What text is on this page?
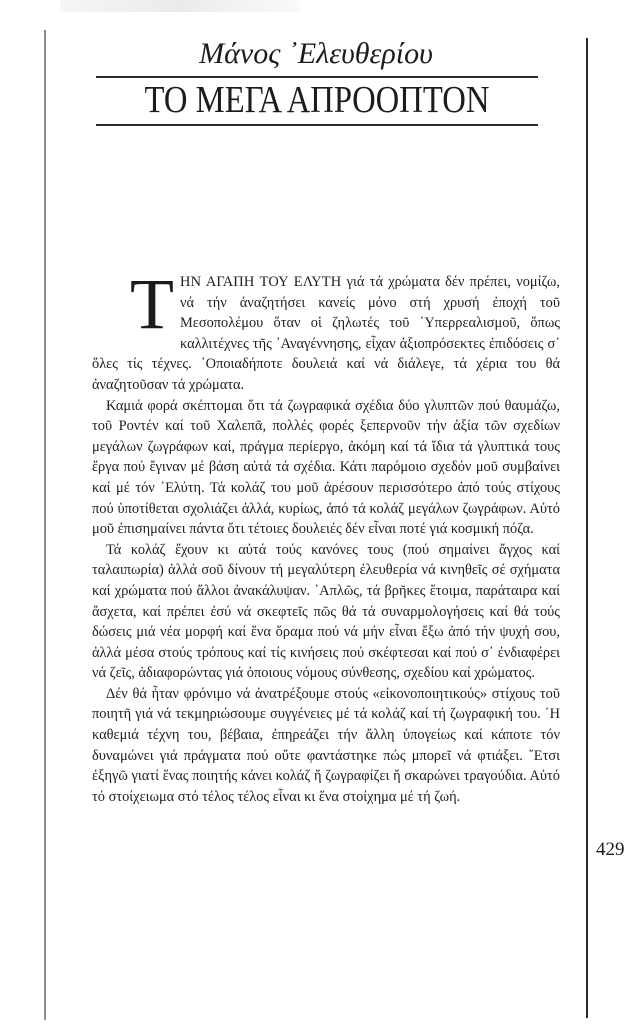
Μάνος ᾿Ελευθερίου
ΤΟ ΜΕΓΑ ΑΠΡΟΟΠΤΟΝ

ΤΗΝ ΑΓΑΠΗ ΤΟΥ ΕΛΥΤΗ γιά τά χρώματα δέν πρέπει, νομίζω, νά τήν ἀναζητήσει κανείς μόνο στή χρυσή ἐποχή τοῦ Μεσοπολέμου ὅταν οἱ ζηλωτές τοῦ ῾Υπερρεαλισμοῦ, ὅπως καλλιτέχνες τῆς ᾿Αναγέννησης, εἶχαν ἀξιοπρόσεκτες ἐπιδόσεις σ᾿ ὅλες τίς τέχνες. ῾Οποιαδήποτε δουλειά καί νά διάλεγε, τά χέρια του θά ἀναζητοῦσαν τά χρώματα.

Καμιά φορά σκέπτομαι ὅτι τά ζωγραφικά σχέδια δύο γλυπτῶν πού θαυμάζω, τοῦ Ροντέν καί τοῦ Χαλεπᾶ, πολλές φορές ξεπερνοῦν τήν ἀξία τῶν σχεδίων μεγάλων ζωγράφων καί, πράγμα περίεργο, ἀκόμη καί τά ἴδια τά γλυπτικά τους ἔργα πού ἔγιναν μέ βάση αὐτά τά σχέδια. Κάτι παρόμοιο σχεδόν μοῦ συμβαίνει καί μέ τόν ᾿Ελύτη. Τά κολάζ του μοῦ ἀρέσουν περισσότερο ἀπό τούς στίχους πού ὑποτίθεται σχολιάζει ἀλλά, κυρίως, ἀπό τά κολάζ μεγάλων ζωγράφων. Αὐτό μοῦ ἐπισημαίνει πάντα ὅτι τέτοιες δουλειές δέν εἶναι ποτέ γιά κοσμική πόζα.

Τά κολάζ ἔχουν κι αὐτά τούς κανόνες τους (πού σημαίνει ἄγχος καί ταλαιπωρία) ἀλλά σοῦ δίνουν τή μεγαλύτερη ἐλευθερία νά κινηθεῖς σέ σχήματα καί χρώματα πού ἄλλοι ἀνακάλυψαν. ῾Απλῶς, τά βρῆκες ἕτοιμα, παράταιρα καί ἄσχετα, καί πρέπει ἐσύ νά σκεφτεῖς πῶς θά τά συναρμολογήσεις καί θά τούς δώσεις μιά νέα μορφή καί ἕνα ὅραμα πού νά μήν εἶναι ἔξω ἀπό τήν ψυχή σου, ἀλλά μέσα στούς τρόπους καί τίς κινήσεις πού σκέφτεσαι καί πού σ᾿ ἐνδιαφέρει νά ζεῖς, ἀδιαφορώντας γιά ὁποιους νόμους σύνθεσης, σχεδίου καί χρώματος.

Δέν θά ἦταν φρόνιμο νά ἀνατρέξουμε στούς «εἰκονοποιητικούς» στίχους τοῦ ποιητῆ γιά νά τεκμηριώσουμε συγγένειες μέ τά κολάζ καί τή ζωγραφική του. ῾Η καθεμιά τέχνη του, βέβαια, ἐπηρεάζει τήν ἄλλη ὑπογείως καί κάποτε τόν δυναμώνει γιά πράγματα πού οὔτε φαντάστηκε πώς μπορεῖ νά φτιάξει. ῎Ετσι ἐξηγῶ γιατί ἕνας ποιητής κάνει κολάζ ἤ ζωγραφίζει ἤ σκαρώνει τραγούδια. Αὐτό τό στοίχειωμα στό τέλος τέλος εἶναι κι ἕνα στοίχημα μέ τή ζωή.

429
